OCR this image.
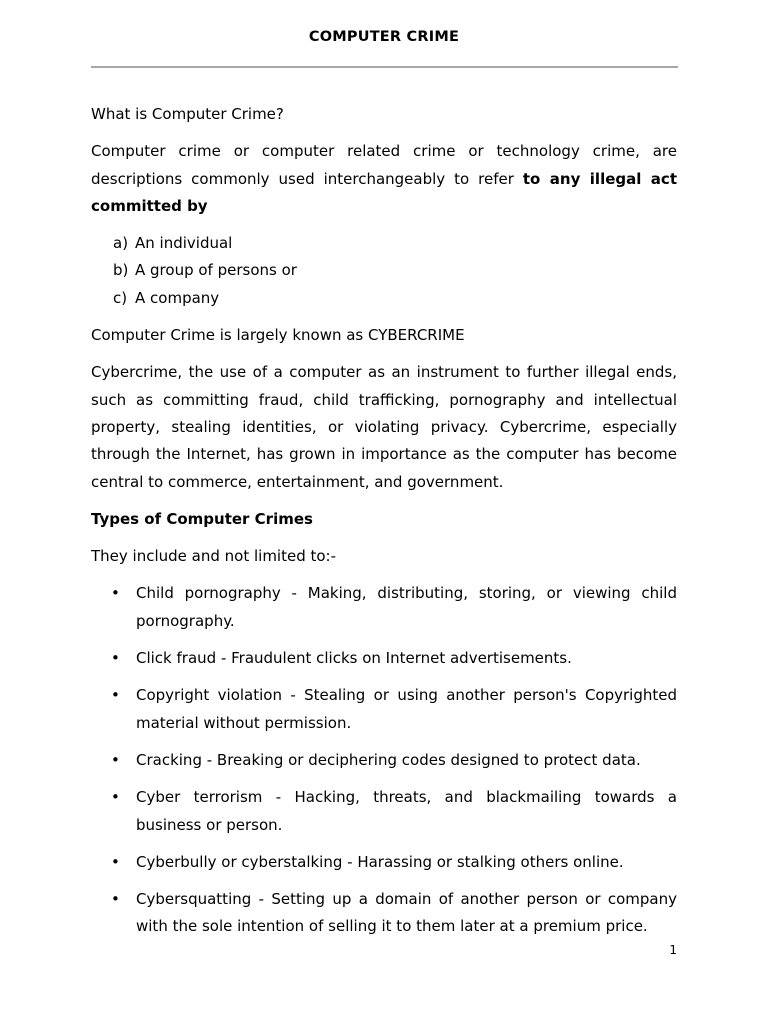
COMPUTER CRIME

What is Computer Crime?

Computer crime or computer related crime or technology crime, are descriptions commonly used interchangeably to refer to any illegal act committed by

a) An individual
b) A group of persons or
c) A company

Computer Crime is largely known as CYBERCRIME

Cybercrime, the use of a computer as an instrument to further illegal ends, such as committing fraud, child trafficking, pornography and intellectual property, stealing identities, or violating privacy. Cybercrime, especially through the Internet, has grown in importance as the computer has become central to commerce, entertainment, and government.

Types of Computer Crimes

They include and not limited to:-

• Child pornography - Making, distributing, storing, or viewing child pornography.
• Click fraud - Fraudulent clicks on Internet advertisements.
• Copyright violation - Stealing or using another person's Copyrighted material without permission.
• Cracking - Breaking or deciphering codes designed to protect data.
• Cyber terrorism - Hacking, threats, and blackmailing towards a business or person.
• Cyberbully or cyberstalking - Harassing or stalking others online.
• Cybersquatting - Setting up a domain of another person or company with the sole intention of selling it to them later at a premium price.
1
